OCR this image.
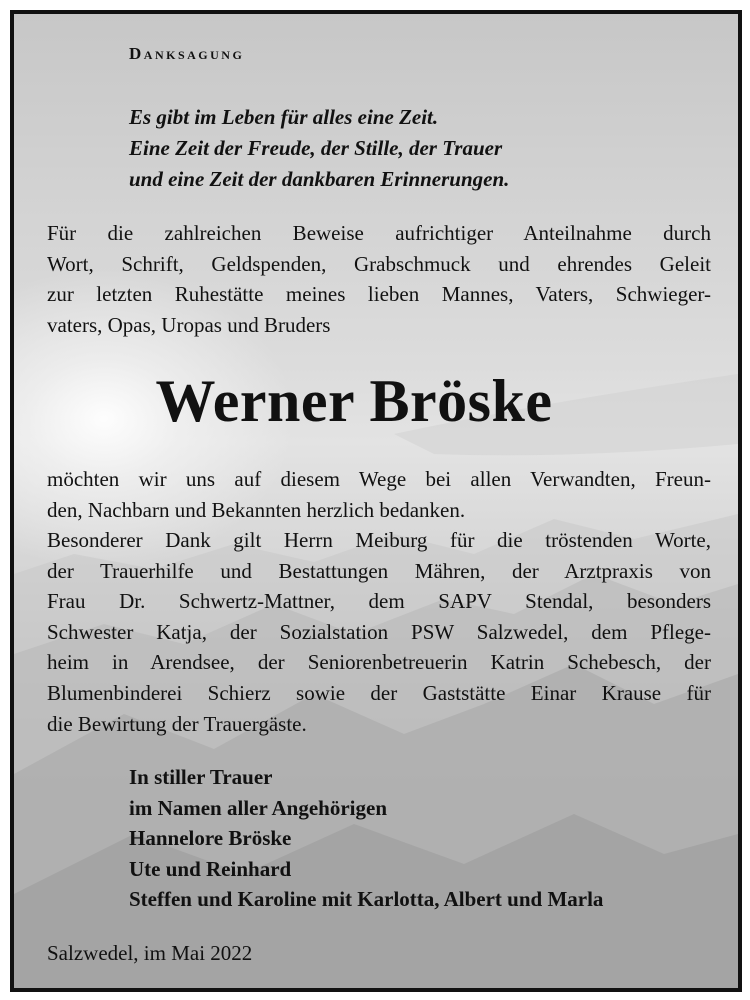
Danksagung
Es gibt im Leben für alles eine Zeit.
Eine Zeit der Freude, der Stille, der Trauer
und eine Zeit der dankbaren Erinnerungen.
Für die zahlreichen Beweise aufrichtiger Anteilnahme durch
Wort, Schrift, Geldspenden, Grabschmuck und ehrendes Geleit
zur letzten Ruhestätte meines lieben Mannes, Vaters, Schwieger-
vaters, Opas, Uropas und Bruders
Werner Bröske
möchten wir uns auf diesem Wege bei allen Verwandten, Freun-
den, Nachbarn und Bekannten herzlich bedanken.
Besonderer Dank gilt Herrn Meiburg für die tröstenden Worte,
der Trauerhilfe und Bestattungen Mähren, der Arztpraxis von
Frau Dr. Schwertz-Mattner, dem SAPV Stendal, besonders
Schwester Katja, der Sozialstation PSW Salzwedel, dem Pflege-
heim in Arendsee, der Seniorenbetreuerin Katrin Schebesch, der
Blumenbinderei Schierz sowie der Gaststätte Einar Krause für
die Bewirtung der Trauergäste.
In stiller Trauer
im Namen aller Angehörigen
Hannelore Bröske
Ute und Reinhard
Steffen und Karoline mit Karlotta, Albert und Marla
Salzwedel, im Mai 2022
